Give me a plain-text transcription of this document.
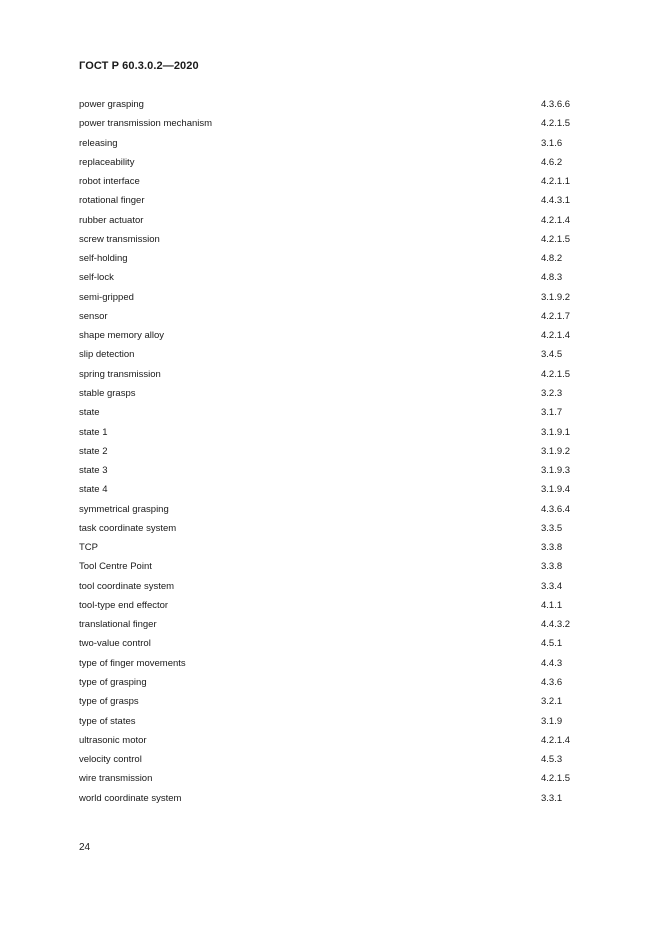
ГОСТ Р 60.3.0.2—2020
power grasping	4.3.6.6
power transmission mechanism	4.2.1.5
releasing	3.1.6
replaceability	4.6.2
robot interface	4.2.1.1
rotational finger	4.4.3.1
rubber actuator	4.2.1.4
screw transmission	4.2.1.5
self-holding	4.8.2
self-lock	4.8.3
semi-gripped	3.1.9.2
sensor	4.2.1.7
shape memory alloy	4.2.1.4
slip detection	3.4.5
spring transmission	4.2.1.5
stable grasps	3.2.3
state	3.1.7
state 1	3.1.9.1
state 2	3.1.9.2
state 3	3.1.9.3
state 4	3.1.9.4
symmetrical grasping	4.3.6.4
task coordinate system	3.3.5
TCP	3.3.8
Tool Centre Point	3.3.8
tool coordinate system	3.3.4
tool-type end effector	4.1.1
translational finger	4.4.3.2
two-value control	4.5.1
type of finger movements	4.4.3
type of grasping	4.3.6
type of grasps	3.2.1
type of states	3.1.9
ultrasonic motor	4.2.1.4
velocity control	4.5.3
wire transmission	4.2.1.5
world coordinate system	3.3.1
24
